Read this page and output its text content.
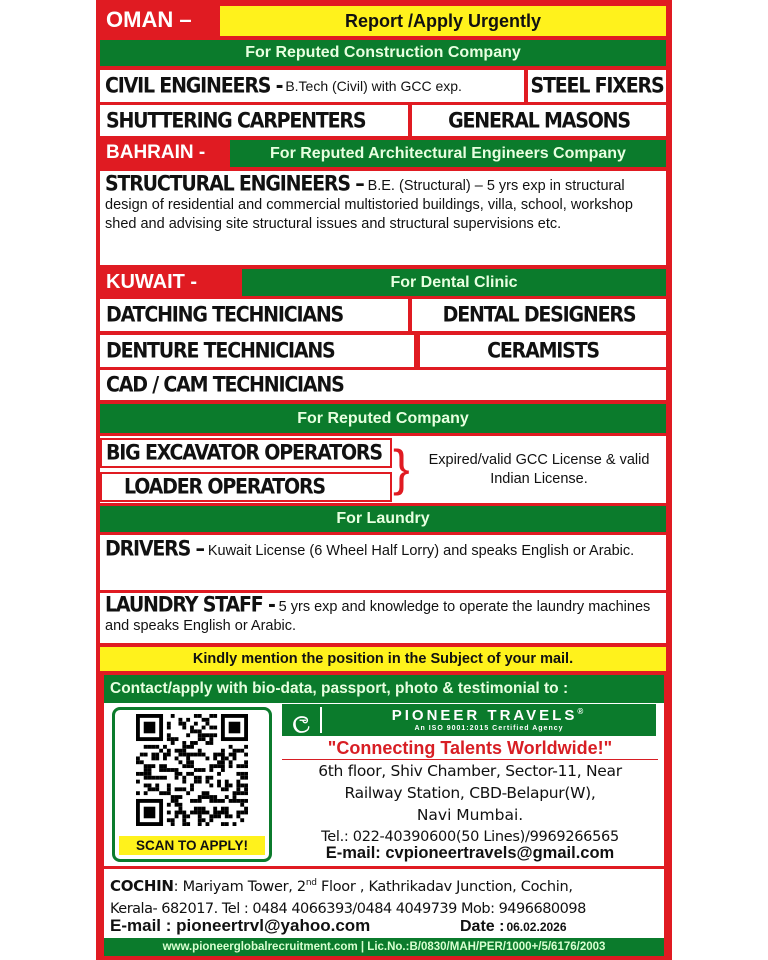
OMAN –	Report /Apply Urgently
For Reputed Construction Company
CIVIL ENGINEERS - B.Tech (Civil) with GCC exp.	STEEL FIXERS
SHUTTERING CARPENTERS	GENERAL MASONS
BAHRAIN -	For Reputed Architectural Engineers Company
STRUCTURAL ENGINEERS – B.E. (Structural) – 5 yrs exp in structural design of residential and commercial multistoried buildings, villa, school, workshop shed and advising site structural issues and structural supervisions etc.
KUWAIT -	For Dental Clinic
DATCHING TECHNICIANS	DENTAL DESIGNERS
DENTURE TECHNICIANS	CERAMISTS
CAD / CAM TECHNICIANS
For Reputed Company
BIG EXCAVATOR OPERATORS
LOADER OPERATORS }	Expired/valid GCC License & valid Indian License.
For Laundry
DRIVERS – Kuwait License (6 Wheel Half Lorry) and speaks English or Arabic.
LAUNDRY STAFF - 5 yrs exp and knowledge to operate the laundry machines and speaks English or Arabic.
Kindly mention the position in the Subject of your mail.
Contact/apply with bio-data, passport, photo & testimonial to :
SCAN TO APPLY!
ල	PIONEER TRAVELS®
An ISO 9001:2015 Certified Agency
"Connecting Talents Worldwide!"
6th floor, Shiv Chamber, Sector-11, Near
Railway Station, CBD-Belapur(W),
Navi Mumbai.
Tel.: 022-40390600(50 Lines)/9969266565
E-mail: cvpioneertravels@gmail.com
COCHIN: Mariyam Tower, 2nd Floor , Kathrikadav Junction, Cochin,
Kerala- 682017. Tel : 0484 4066393/0484 4049739 Mob: 9496680098
E-mail : pioneertrvl@yahoo.com	Date : 06.02.2026
www.pioneerglobalrecruitment.com | Lic.No.:B/0830/MAH/PER/1000+/5/6176/2003
